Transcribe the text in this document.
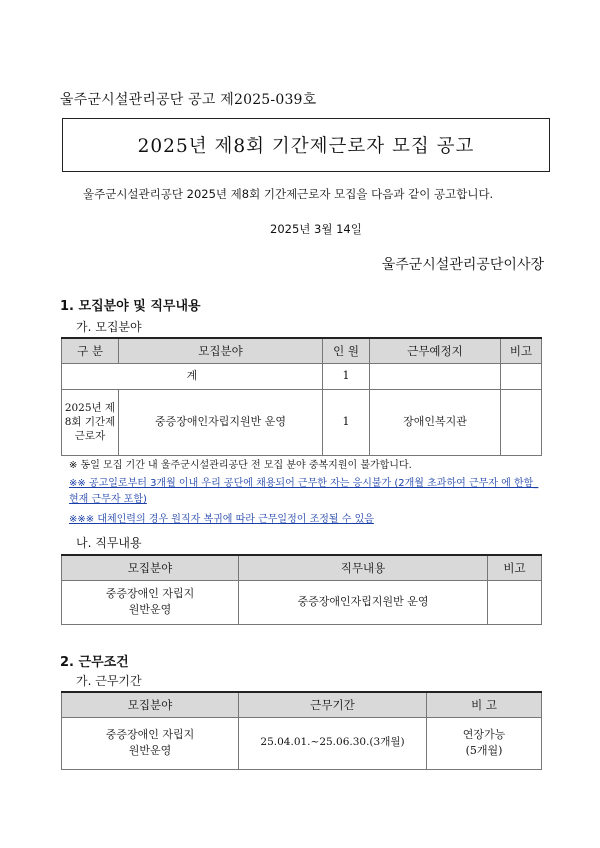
울주군시설관리공단 공고 제2025-039호
2025년 제8회 기간제근로자 모집 공고
울주군시설관리공단 2025년 제8회 기간제근로자 모집을 다음과 같이 공고합니다.
2025년 3월 14일
울주군시설관리공단이사장
1. 모집분야 및 직무내용
가. 모집분야
구 분	모집분야	인 원	근무예정지	비고
계		1		
2025년 제8회 기간제 근로자	중증장애인자립지원반 운영	1	장애인복지관	
※ 동일 모집 기간 내 울주군시설관리공단 전 모집 분야 중복지원이 불가합니다.
※※ 공고일로부터 3개월 이내 우리 공단에 채용되어 근무한 자는 응시불가 (2개월 초과하여 근무자 에 한함_현재 근무자 포함)
※※※ 대체인력의 경우 원직자 복귀에 따라 근무일정이 조정될 수 있음
나. 직무내용
모집분야	직무내용	비고
중증장애인 자립지원반운영	중증장애인자립지원반 운영	
2. 근무조건
가. 근무기간
모집분야	근무기간	비 고
중증장애인 자립지원반운영	25.04.01.~25.06.30.(3개월)	연장가능 (5개월)
